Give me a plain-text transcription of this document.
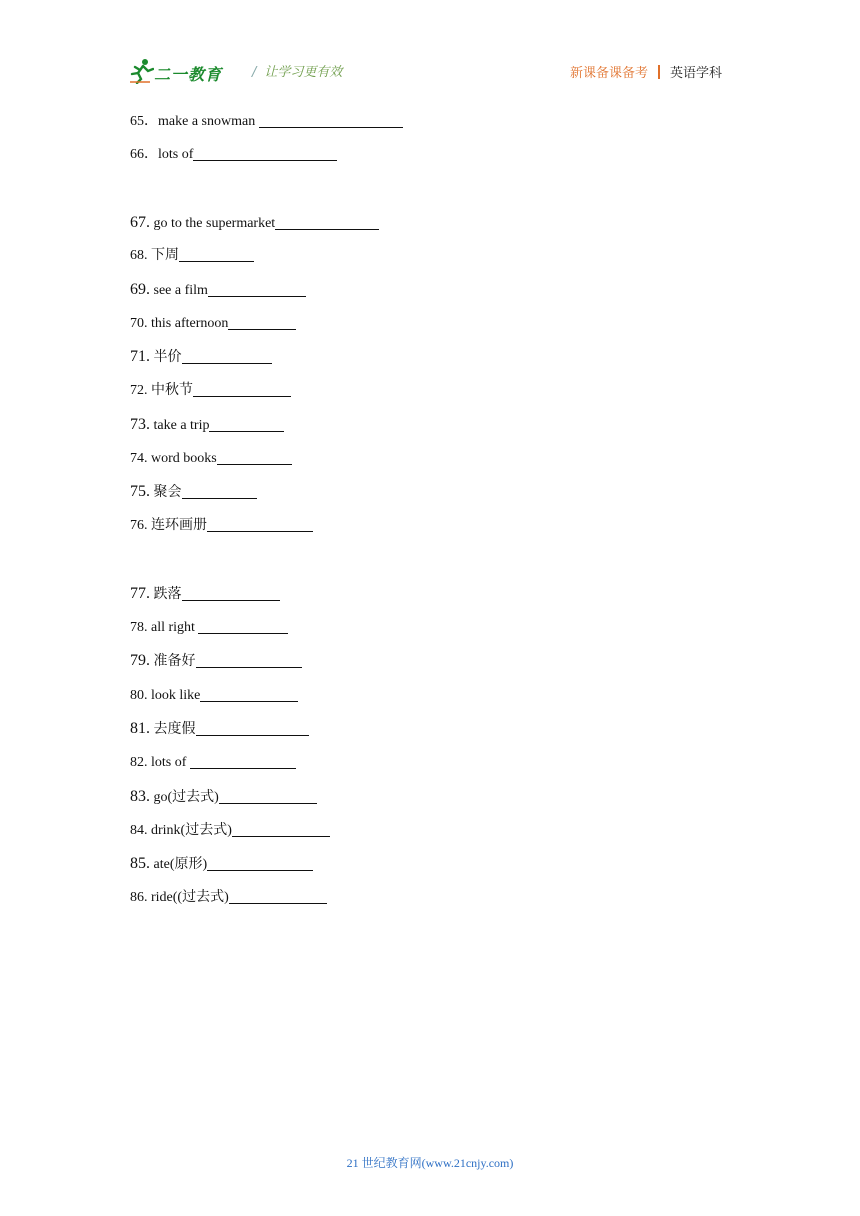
二一教育 / 让学习更有效	新课备课备考 英语学科
65．make a snowman
66．lots of
67. go to the supermarket
68. 下周
69. see a film
70. this afternoon
71. 半价
72. 中秋节
73. take a trip
74. word books
75. 聚会
76. 连环画册
77. 跌落
78. all right
79. 准备好
80. look like
81. 去度假
82. lots of
83. go(过去式)
84. drink(过去式)
85. ate(原形)
86. ride((过去式)
21 世纪教育网(www.21cnjy.com)
